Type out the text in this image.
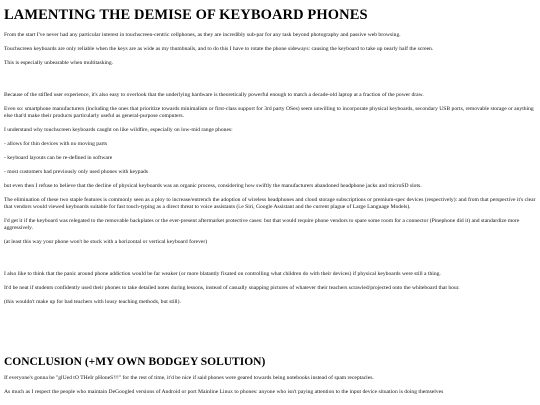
LAMENTING THE DEMISE OF KEYBOARD PHONES

From the start I've never had any particular interest in touchscreen-centric cellphones, as they are incredibly sub-par for any task beyond photography and passive web browsing.

Touchscreen keyboards are only reliable when the keys are as wide as my thumbnails, and to do this I have to rotate the phone sideways: causing the keyboard to take up nearly half the screen.

This is especially unbearable when multitasking.

Because of the stifled user experience, it's also easy to overlook that the underlying hardware is theoretically powerful enough to match a decade-old laptop at a fraction of the power draw.

Even so: smartphone manufacturers (including the ones that prioritize towards minimalism or first-class support for 3rd party OSes) seem unwilling to incorporate physical keyboards, secondary USB ports, removable storage or anything else that'd make their products particularly useful as general-purpose computers.

I understand why touchscreen keyboards caught on like wildfire, especially on low-mid range phones:

- allows for thin devices with no moving parts

- keyboard layouts can be re-defined in software

- most customers had previously only used phones with keypads

but even then I refuse to believe that the decline of physical keyboards was an organic process, considering how swiftly the manufacturers abandoned headphone jacks and microSD slots.

The elimination of these two staple features is commonly seen as a ploy to increase/entrench the adoption of wireless headphones and cloud storage subscriptions or premium-spec devices (respectively): and from that perspective it's clear that vendors would viewed keyboards suitable for fast touch-typing as a direct threat to voice assistants (i.e Siri, Google Assistant and the current plague of Large Language Models).

I'd get it if the keyboard was relegated to the removable backplates or the ever-present aftermarket protective cases: but that would require phone vendors to spare some room for a connector (Pinephone did it) and standardize more aggressively.

(at least this way your phone won't be stuck with a horizontal or vertical keyboard forever)

I also like to think that the panic around phone addiction would be far weaker (or more blatantly fixated on controlling what children do with their devices) if physical keyboards were still a thing.

It'd be neat if students confidently used their phones to take detailed notes during lessons, instead of casually snapping pictures of whatever their teachers scrawled/projected onto the whiteboard that hour.

(this wouldn't make up for bad teachers with lousy teaching methods, but still).

CONCLUSION (+MY OWN BODGEY SOLUTION)

If everyone's gonna be "glUed tO THeIr pHoneS!!!" for the rest of time, it'd be nice if said phones were geared towards being notebooks instead of spam receptacles.

As much as I respect the people who maintain DeGoogled versions of Android or port Mainline Linux to phones: anyone who isn't paying attention to the input device situation is doing themselves
